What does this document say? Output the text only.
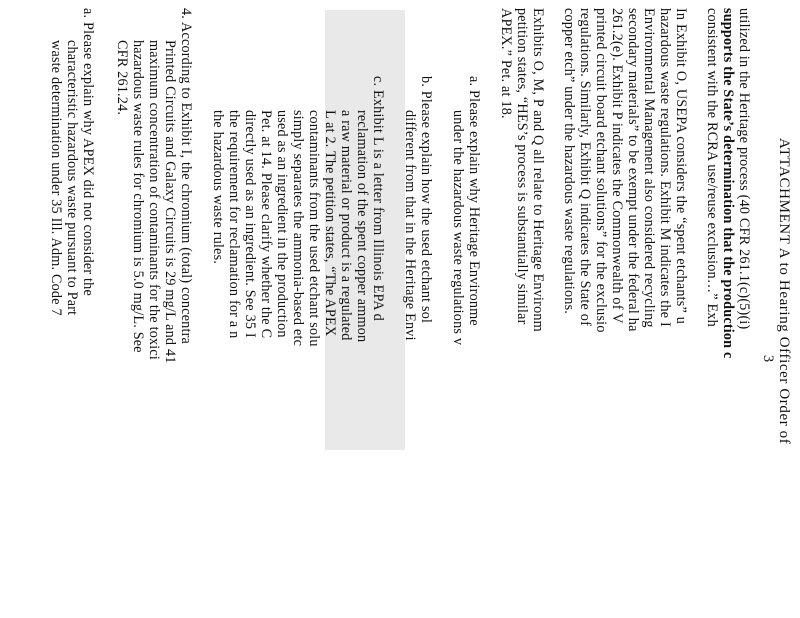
ATTACHMENT A to Hearing Officer Order of
3
utilized in the Heritage process (40 CFR 261.1(c)(5)(i)
supports the State’s determination that the production c
consistent with the RCRA use/reuse exclusion…” Exh
In Exhibit O, USEPA considers the “spent etchants” u
hazardous waste regulations. Exhibit M indicates the I
Environmental Management also considered recycling
secondary materials” to be exempt under the federal ha
261.2(e). Exhibit P indicates the Commonwealth of V
printed circuit board etchant solutions” for the exclusio
regulations. Similarly, Exhibit Q indicates the State of
copper etch” under the hazardous waste regulations.
Exhibits O, M, P and Q all relate to Heritage Environm
petition states, “HES’s process is substantially similar
APEX.” Pet. at 18.
a. Please explain why Heritage Environme
under the hazardous waste regulations v
b. Please explain how the used etchant sol
different from that in the Heritage Envi
c. Exhibit L is a letter from Illinois EPA d
reclamation of the spent copper ammon
a raw material or product is a regulated
L at 2. The petition states, “The APEX
contaminants from the used etchant solu
simply separates the ammonia-based etc
used as an ingredient in the production
Pet. at 14. Please clarify whether the C
directly used as an ingredient. See 35 I
the requirement for reclamation for a n
the hazardous waste rules.
4. According to Exhibit I, the chromium (total) concentra
Printed Circuits and Galaxy Circuits is 29 mg/L and 41
maximum concentration of contaminants for the toxici
hazardous waste rules for chromium is 5.0 mg/L. See
CFR 261.24.
a. Please explain why APEX did not consider the
characteristic hazardous waste pursuant to Part
waste determination under 35 Ill. Adm. Code 7
